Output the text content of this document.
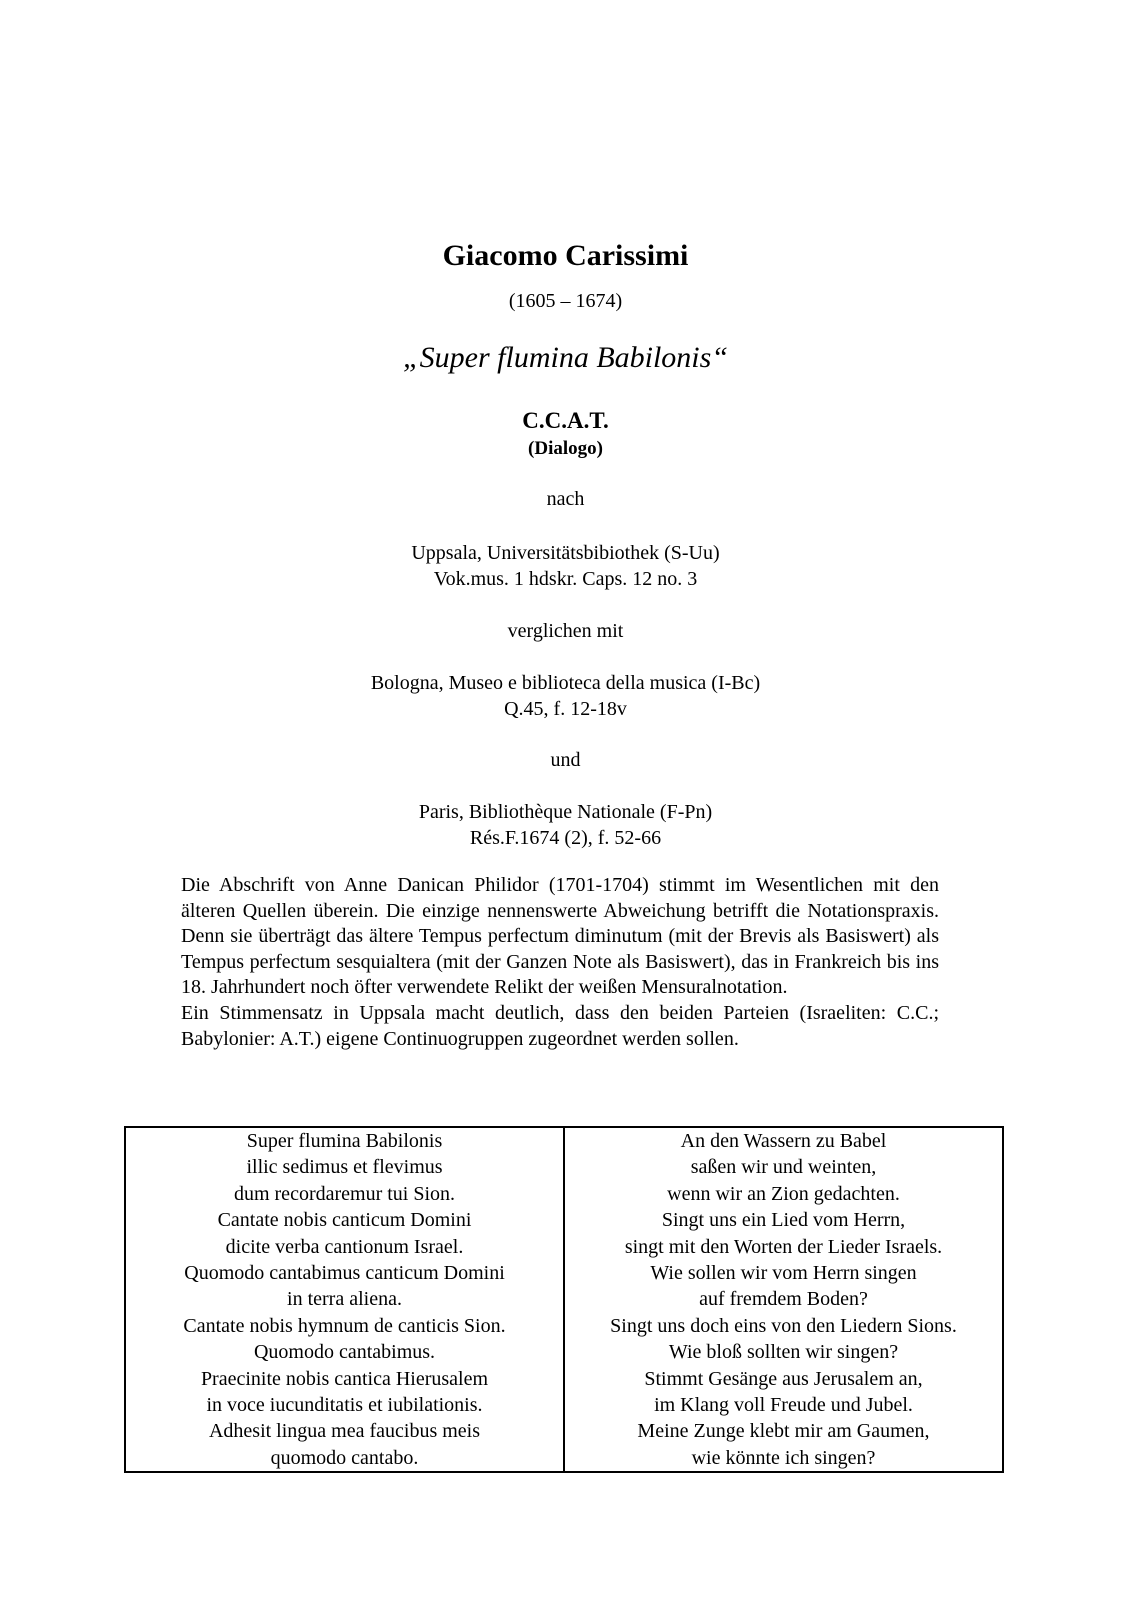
Giacomo Carissimi
(1605 – 1674)
„Super flumina Babilonis“
C.C.A.T.
(Dialogo)
nach
Uppsala, Universitätsbibiothek (S-Uu)
Vok.mus. 1 hdskr. Caps. 12 no. 3
verglichen mit
Bologna, Museo e biblioteca della musica (I-Bc)
Q.45, f. 12-18v
und
Paris, Bibliothèque Nationale (F-Pn)
Rés.F.1674 (2), f. 52-66

Die Abschrift von Anne Danican Philidor (1701-1704) stimmt im Wesentlichen mit den älteren Quellen überein. Die einzige nennenswerte Abweichung betrifft die Notationspraxis. Denn sie überträgt das ältere Tempus perfectum diminutum (mit der Brevis als Basiswert) als Tempus perfectum sesquialtera (mit der Ganzen Note als Basiswert), das in Frankreich bis ins 18. Jahrhundert noch öfter verwendete Relikt der weißen Mensuralnotation.

Ein Stimmensatz in Uppsala macht deutlich, dass den beiden Parteien (Israeliten: C.C.; Babylonier: A.T.) eigene Continuogruppen zugeordnet werden sollen.

Super flumina Babilonis
illic sedimus et flevimus
dum recordaremur tui Sion.
Cantate nobis canticum Domini
dicite verba cantionum Israel.
Quomodo cantabimus canticum Domini
in terra aliena.
Cantate nobis hymnum de canticis Sion.
Quomodo cantabimus.
Praecinite nobis cantica Hierusalem
in voce iucunditatis et iubilationis.
Adhesit lingua mea faucibus meis
quomodo cantabo.

An den Wassern zu Babel
saßen wir und weinten,
wenn wir an Zion gedachten.
Singt uns ein Lied vom Herrn,
singt mit den Worten der Lieder Israels.
Wie sollen wir vom Herrn singen
auf fremdem Boden?
Singt uns doch eins von den Liedern Sions.
Wie bloß sollten wir singen?
Stimmt Gesänge aus Jerusalem an,
im Klang voll Freude und Jubel.
Meine Zunge klebt mir am Gaumen,
wie könnte ich singen?
